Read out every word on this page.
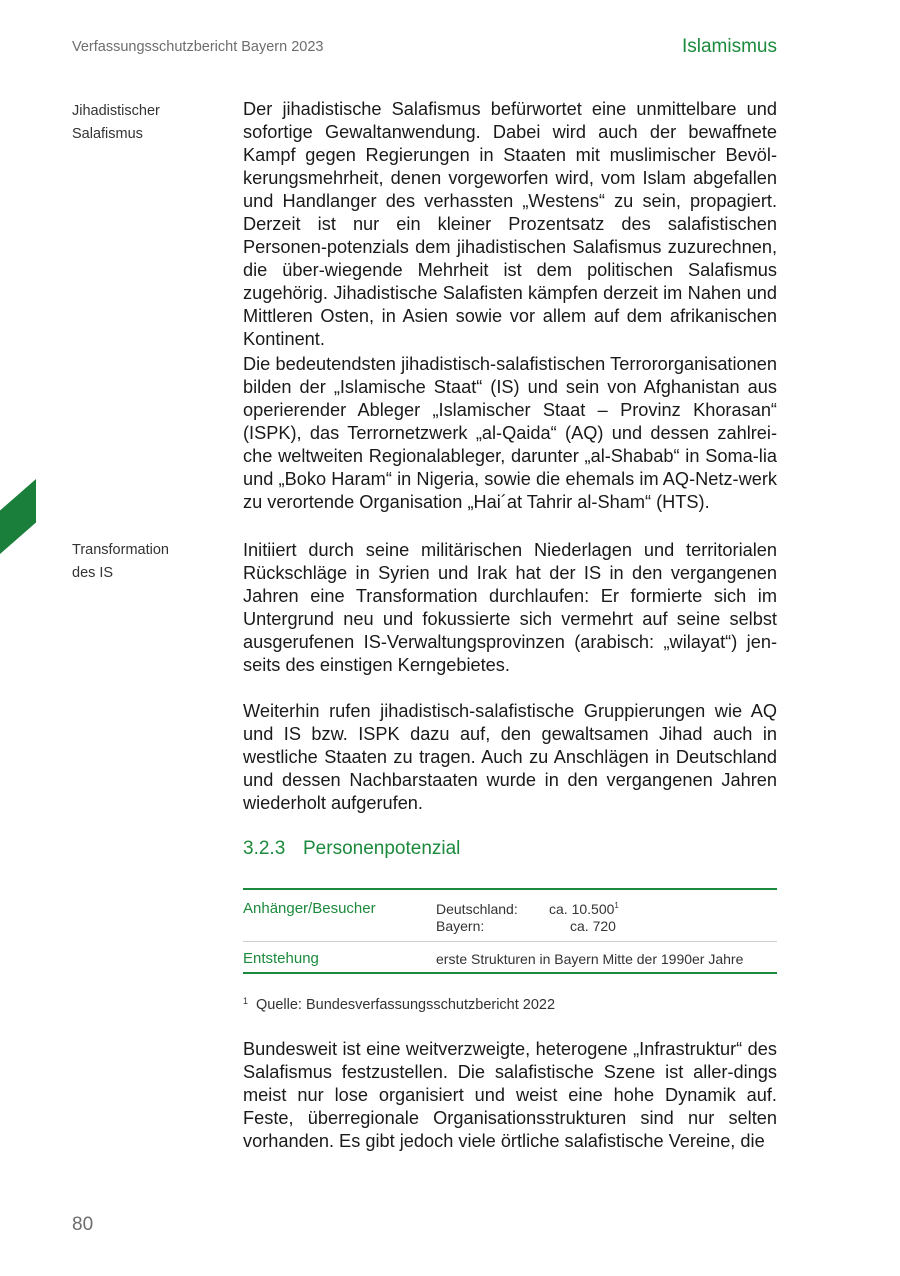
Verfassungsschutzbericht Bayern 2023	Islamismus
Jihadistischer
Salafismus
Transformation
des IS

Der jihadistische Salafismus befürwortet eine unmittelbare und sofortige Gewaltanwendung. Dabei wird auch der bewaffnete Kampf gegen Regierungen in Staaten mit muslimischer Bevöl-kerungsmehrheit, denen vorgeworfen wird, vom Islam abgefallen und Handlanger des verhassten „Westens“ zu sein, propagiert. Derzeit ist nur ein kleiner Prozentsatz des salafistischen Personen-potenzials dem jihadistischen Salafismus zuzurechnen, die über-wiegende Mehrheit ist dem politischen Salafismus zugehörig. Jihadistische Salafisten kämpfen derzeit im Nahen und Mittleren Osten, in Asien sowie vor allem auf dem afrikanischen Kontinent.

Die bedeutendsten jihadistisch-salafistischen Terrororganisationen bilden der „Islamische Staat“ (IS) und sein von Afghanistan aus operierender Ableger „Islamischer Staat – Provinz Khorasan“ (ISPK), das Terrornetzwerk „al-Qaida“ (AQ) und dessen zahlrei-che weltweiten Regionalableger, darunter „al-Shabab“ in Soma-lia und „Boko Haram“ in Nigeria, sowie die ehemals im AQ-Netz-werk zu verortende Organisation „Hai´at Tahrir al-Sham“ (HTS).

Initiiert durch seine militärischen Niederlagen und territorialen Rückschläge in Syrien und Irak hat der IS in den vergangenen Jahren eine Transformation durchlaufen: Er formierte sich im Untergrund neu und fokussierte sich vermehrt auf seine selbst ausgerufenen IS-Verwaltungsprovinzen (arabisch: „wilayat“) jen-seits des einstigen Kerngebietes.

Weiterhin rufen jihadistisch-salafistische Gruppierungen wie AQ und IS bzw. ISPK dazu auf, den gewaltsamen Jihad auch in westliche Staaten zu tragen. Auch zu Anschlägen in Deutschland und dessen Nachbarstaaten wurde in den vergangenen Jahren wiederholt aufgerufen.

3.2.3 Personenpotenzial
Anhänger/Besucher	Deutschland: ca. 10.500$^1$
Bayern:	ca. 720
Entstehung	erste Strukturen in Bayern Mitte der 1990er Jahre
$^1$ Quelle: Bundesverfassungsschutzbericht 2022

Bundesweit ist eine weitverzweigte, heterogene „Infrastruktur“ des Salafismus festzustellen. Die salafistische Szene ist aller-dings meist nur lose organisiert und weist eine hohe Dynamik auf. Feste, überregionale Organisationsstrukturen sind nur selten vorhanden. Es gibt jedoch viele örtliche salafistische Vereine, die

80
